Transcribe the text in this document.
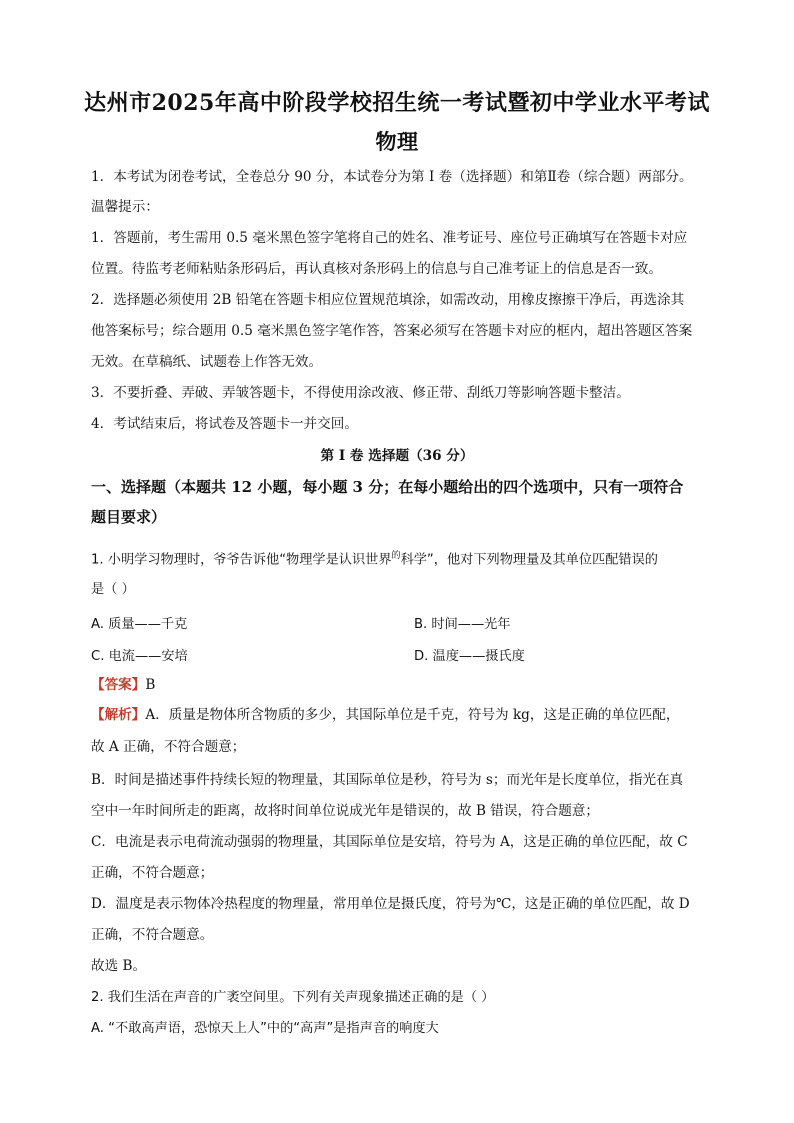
达州市2025年高中阶段学校招生统一考试暨初中学业水平考试
物理
1．本考试为闭卷考试，全卷总分 90 分，本试卷分为第 I 卷（选择题）和第Ⅱ卷（综合题）两部分。
温馨提示：
1．答题前，考生需用 0.5 毫米黑色签字笔将自己的姓名、准考证号、座位号正确填写在答题卡对应
位置。待监考老师粘贴条形码后，再认真核对条形码上的信息与自己准考证上的信息是否一致。
2．选择题必须使用 2B 铅笔在答题卡相应位置规范填涂，如需改动，用橡皮擦擦干净后，再选涂其
他答案标号；综合题用 0.5 毫米黑色签字笔作答，答案必须写在答题卡对应的框内，超出答题区答案
无效。在草稿纸、试题卷上作答无效。
3．不要折叠、弄破、弄皱答题卡，不得使用涂改液、修正带、刮纸刀等影响答题卡整洁。
4．考试结束后，将试卷及答题卡一并交回。
第 I 卷 选择题（36 分）
一、选择题（本题共 12 小题，每小题 3 分；在每小题给出的四个选项中，只有一项符合
题目要求）
1. 小明学习物理时，爷爷告诉他“物理学是认识世界$^的$科学”，他对下列物理量及其单位匹配错误的
是（ ）
A. 质量——千克	B. 时间——光年
C. 电流——安培	D. 温度——摄氏度
【答案】B
【解析】A．质量是物体所含物质的多少，其国际单位是千克，符号为 kg，这是正确的单位匹配，
故 A 正确，不符合题意；
B．时间是描述事件持续长短的物理量，其国际单位是秒，符号为 s；而光年是长度单位，指光在真
空中一年时间所走的距离，故将时间单位说成光年是错误的，故 B 错误，符合题意；
C．电流是表示电荷流动强弱的物理量，其国际单位是安培，符号为 A，这是正确的单位匹配，故 C
正确，不符合题意；
D．温度是表示物体冷热程度的物理量，常用单位是摄氏度，符号为℃，这是正确的单位匹配，故 D
正确，不符合题意。
故选 B。
2. 我们生活在声音的广袤空间里。下列有关声现象描述正确的是（ ）
A. “不敢高声语，恐惊天上人”中的“高声”是指声音的响度大
